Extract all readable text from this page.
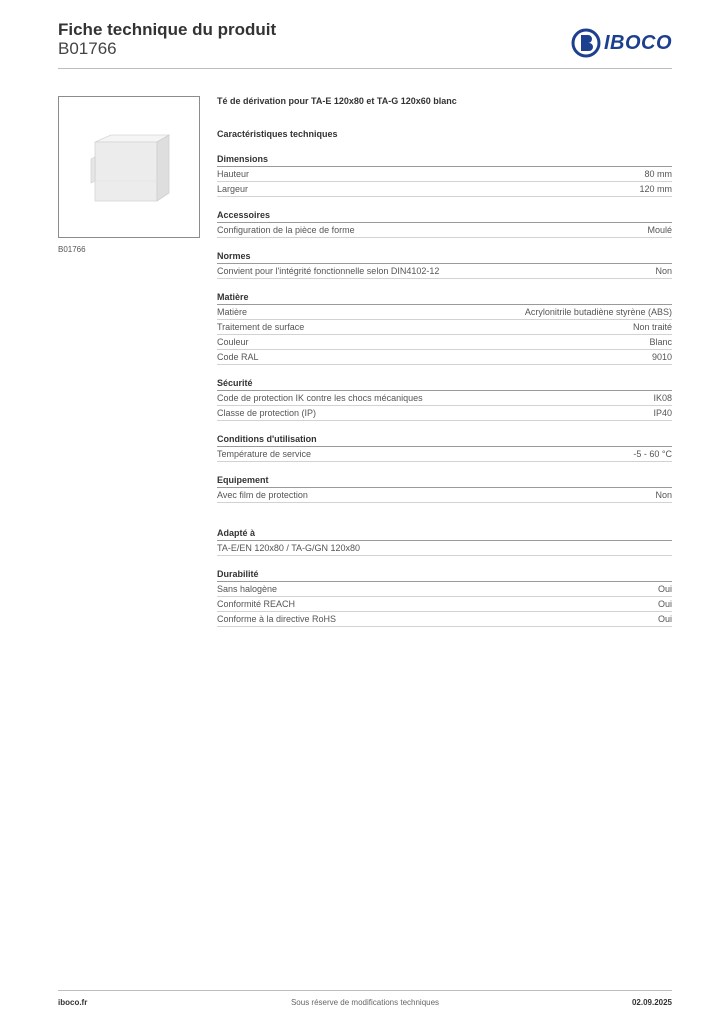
Fiche technique du produit
B01766	IBOCO
B01766
Té de dérivation pour TA-E 120x80 et TA-G 120x60 blanc
Caractéristiques techniques
Dimensions
Hauteur	80 mm
Largeur	120 mm
Accessoires
Configuration de la pièce de forme	Moulé
Normes
Convient pour l'intégrité fonctionnelle selon DIN4102-12	Non
Matière
Matière	Acrylonitrile butadiène styrène (ABS)
Traitement de surface	Non traité
Couleur	Blanc
Code RAL	9010
Sécurité
Code de protection IK contre les chocs mécaniques	IK08
Classe de protection (IP)	IP40
Conditions d'utilisation
Température de service	-5 - 60 °C
Equipement
Avec film de protection	Non
Adapté à
TA-E/EN 120x80 / TA-G/GN 120x80
Durabilité
Sans halogène	Oui
Conformité REACH	Oui
Conforme à la directive RoHS	Oui
iboco.fr	Sous réserve de modifications techniques	02.09.2025
